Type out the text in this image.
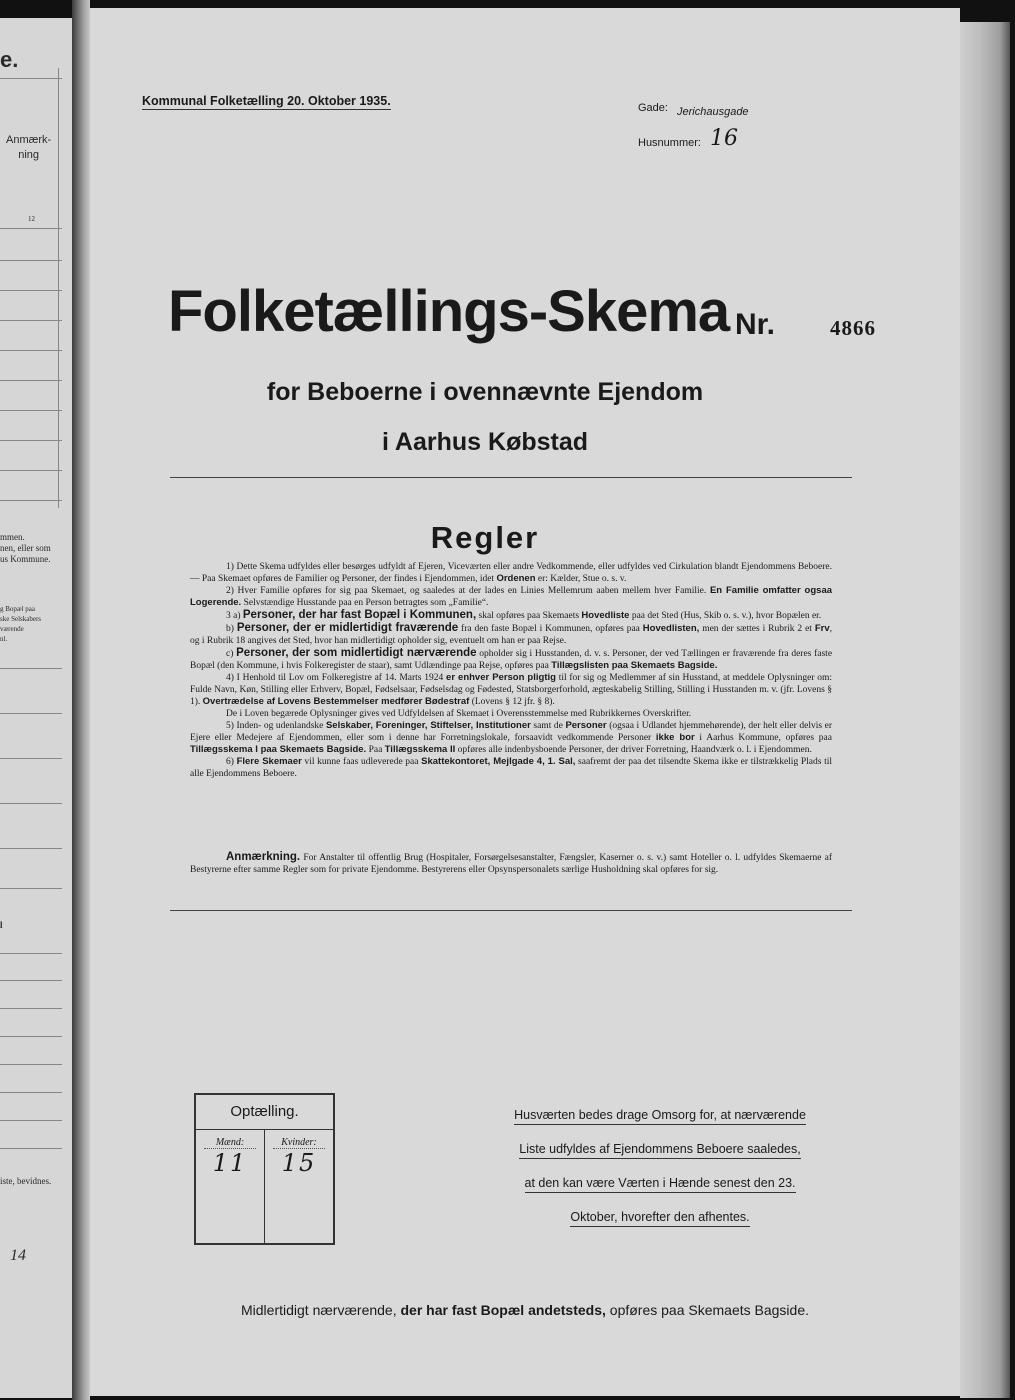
e.
Anmærk-
ning
12
mmen.
nen, eller som
us Kommune.
g Bopæl paa
ske Selskabers
værende
nl.
l
iste, bevidnes.
14
Kommunal Folketælling 20. Oktober 1935.	Gade: Jerichausgade
Husnummer: 16
Folketællings-Skema Nr.	4866
for Beboerne i ovennævnte Ejendom
i Aarhus Købstad
Regler

1) Dette Skema udfyldes eller besørges udfyldt af Ejeren, Viceværten eller andre Vedkommende, eller udfyldes ved Cirkulation blandt Ejendommens Beboere. — Paa Skemaet opføres de Familier og Personer, der findes i Ejendommen, idet Ordenen er: Kælder, Stue o. s. v.

2) Hver Familie opføres for sig paa Skemaet, og saaledes at der lades en Linies Mellemrum aaben mellem hver Familie. En Familie omfatter ogsaa Logerende. Selvstændige Husstande paa en Person betragtes som „Familie“.

3 a) Personer, der har fast Bopæl i Kommunen, skal opføres paa Skemaets Hovedliste paa det Sted (Hus, Skib o. s. v.), hvor Bopælen er.

b) Personer, der er midlertidigt fraværende fra den faste Bopæl i Kommunen, opføres paa Hovedlisten, men der sættes i Rubrik 2 et Frv, og i Rubrik 18 angives det Sted, hvor han midlertidigt opholder sig, eventuelt om han er paa Rejse.

c) Personer, der som midlertidigt nærværende opholder sig i Husstanden, d. v. s. Personer, der ved Tællingen er fraværende fra deres faste Bopæl (den Kommune, i hvis Folkeregister de staar), samt Udlændinge paa Rejse, opføres paa Tillægslisten paa Skemaets Bagside.

4) I Henhold til Lov om Folkeregistre af 14. Marts 1924 er enhver Person pligtig til for sig og Medlemmer af sin Husstand, at meddele Oplysninger om: Fulde Navn, Køn, Stilling eller Erhverv, Bopæl, Fødselsaar, Fødselsdag og Fødested, Statsborgerforhold, ægteskabelig Stilling, Stilling i Husstanden m. v. (jfr. Lovens § 1). Overtrædelse af Lovens Bestemmelser medfører Bødestraf (Lovens § 12 jfr. § 8).

De i Loven begærede Oplysninger gives ved Udfyldelsen af Skemaet i Overensstemmelse med Rubrikkernes Overskrifter.

5) Inden- og udenlandske Selskaber, Foreninger, Stiftelser, Institutioner samt de Personer (ogsaa i Udlandet hjemmehørende), der helt eller delvis er Ejere eller Medejere af Ejendommen, eller som i denne har Forretningslokale, forsaavidt vedkommende Personer ikke bor i Aarhus Kommune, opføres paa Tillægsskema I paa Skemaets Bagside. Paa Tillægsskema II opføres alle indenbysboende Personer, der driver Forretning, Haandværk o. l. i Ejendommen.

6) Flere Skemaer vil kunne faas udleverede paa Skattekontoret, Mejlgade 4, 1. Sal, saafremt der paa det tilsendte Skema ikke er tilstrækkelig Plads til alle Ejendommens Beboere.

Anmærkning. For Anstalter til offentlig Brug (Hospitaler, Forsørgelsesanstalter, Fængsler, Kaserner o. s. v.) samt Hoteller o. l. udfyldes Skemaerne af Bestyrerne efter samme Regler som for private Ejendomme. Bestyrerens eller Opsynspersonalets særlige Husholdning skal opføres for sig.

Optælling.
Mænd:
11
Kvinder:
15
Husværten bedes drage Omsorg for, at nærværende
Liste udfyldes af Ejendommens Beboere saaledes,
at den kan være Værten i Hænde senest den 23.
Oktober, hvorefter den afhentes.
Midlertidigt nærværende, der har fast Bopæl andetsteds, opføres paa Skemaets Bagside.
